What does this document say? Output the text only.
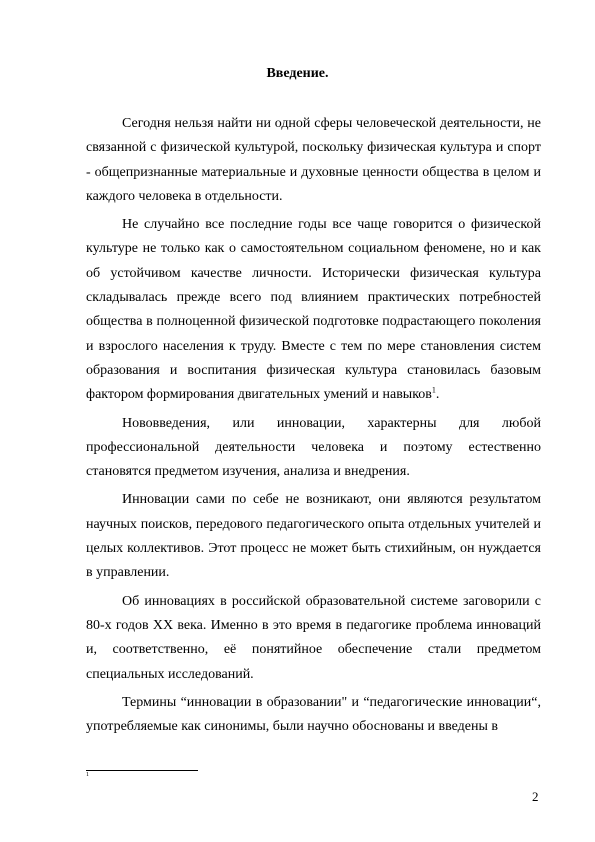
Введение.

Сегодня нельзя найти ни одной сферы человеческой деятельности, не связанной с физической культурой, поскольку физическая культура и спорт - общепризнанные материальные и духовные ценности общества в целом и каждого человека в отдельности.

Не случайно все последние годы все чаще говорится о физической культуре не только как о самостоятельном социальном феномене, но и как об устойчивом качестве личности. Исторически физическая культура складывалась прежде всего под влиянием практических потребностей общества в полноценной физической подготовке подрастающего поколения и взрослого населения к труду. Вместе с тем по мере становления систем образования и воспитания физическая культура становилась базовым фактором формирования двигательных умений и навыков$^1$.

Нововведения, или инновации, характерны для любой профессиональной деятельности человека и поэтому естественно становятся предметом изучения, анализа и внедрения.

Инновации сами по себе не возникают, они являются результатом научных поисков, передового педагогического опыта отдельных учителей и целых коллективов. Этот процесс не может быть стихийным, он нуждается в управлении.

Об инновациях в российской образовательной системе заговорили с 80-х годов XX века. Именно в это время в педагогике проблема инноваций и, соответственно, её понятийное обеспечение стали предметом специальных исследований.

Термины “инновации в образовании" и “педагогические инновации“, употребляемые как синонимы, были научно обоснованы и введены в

1
2
